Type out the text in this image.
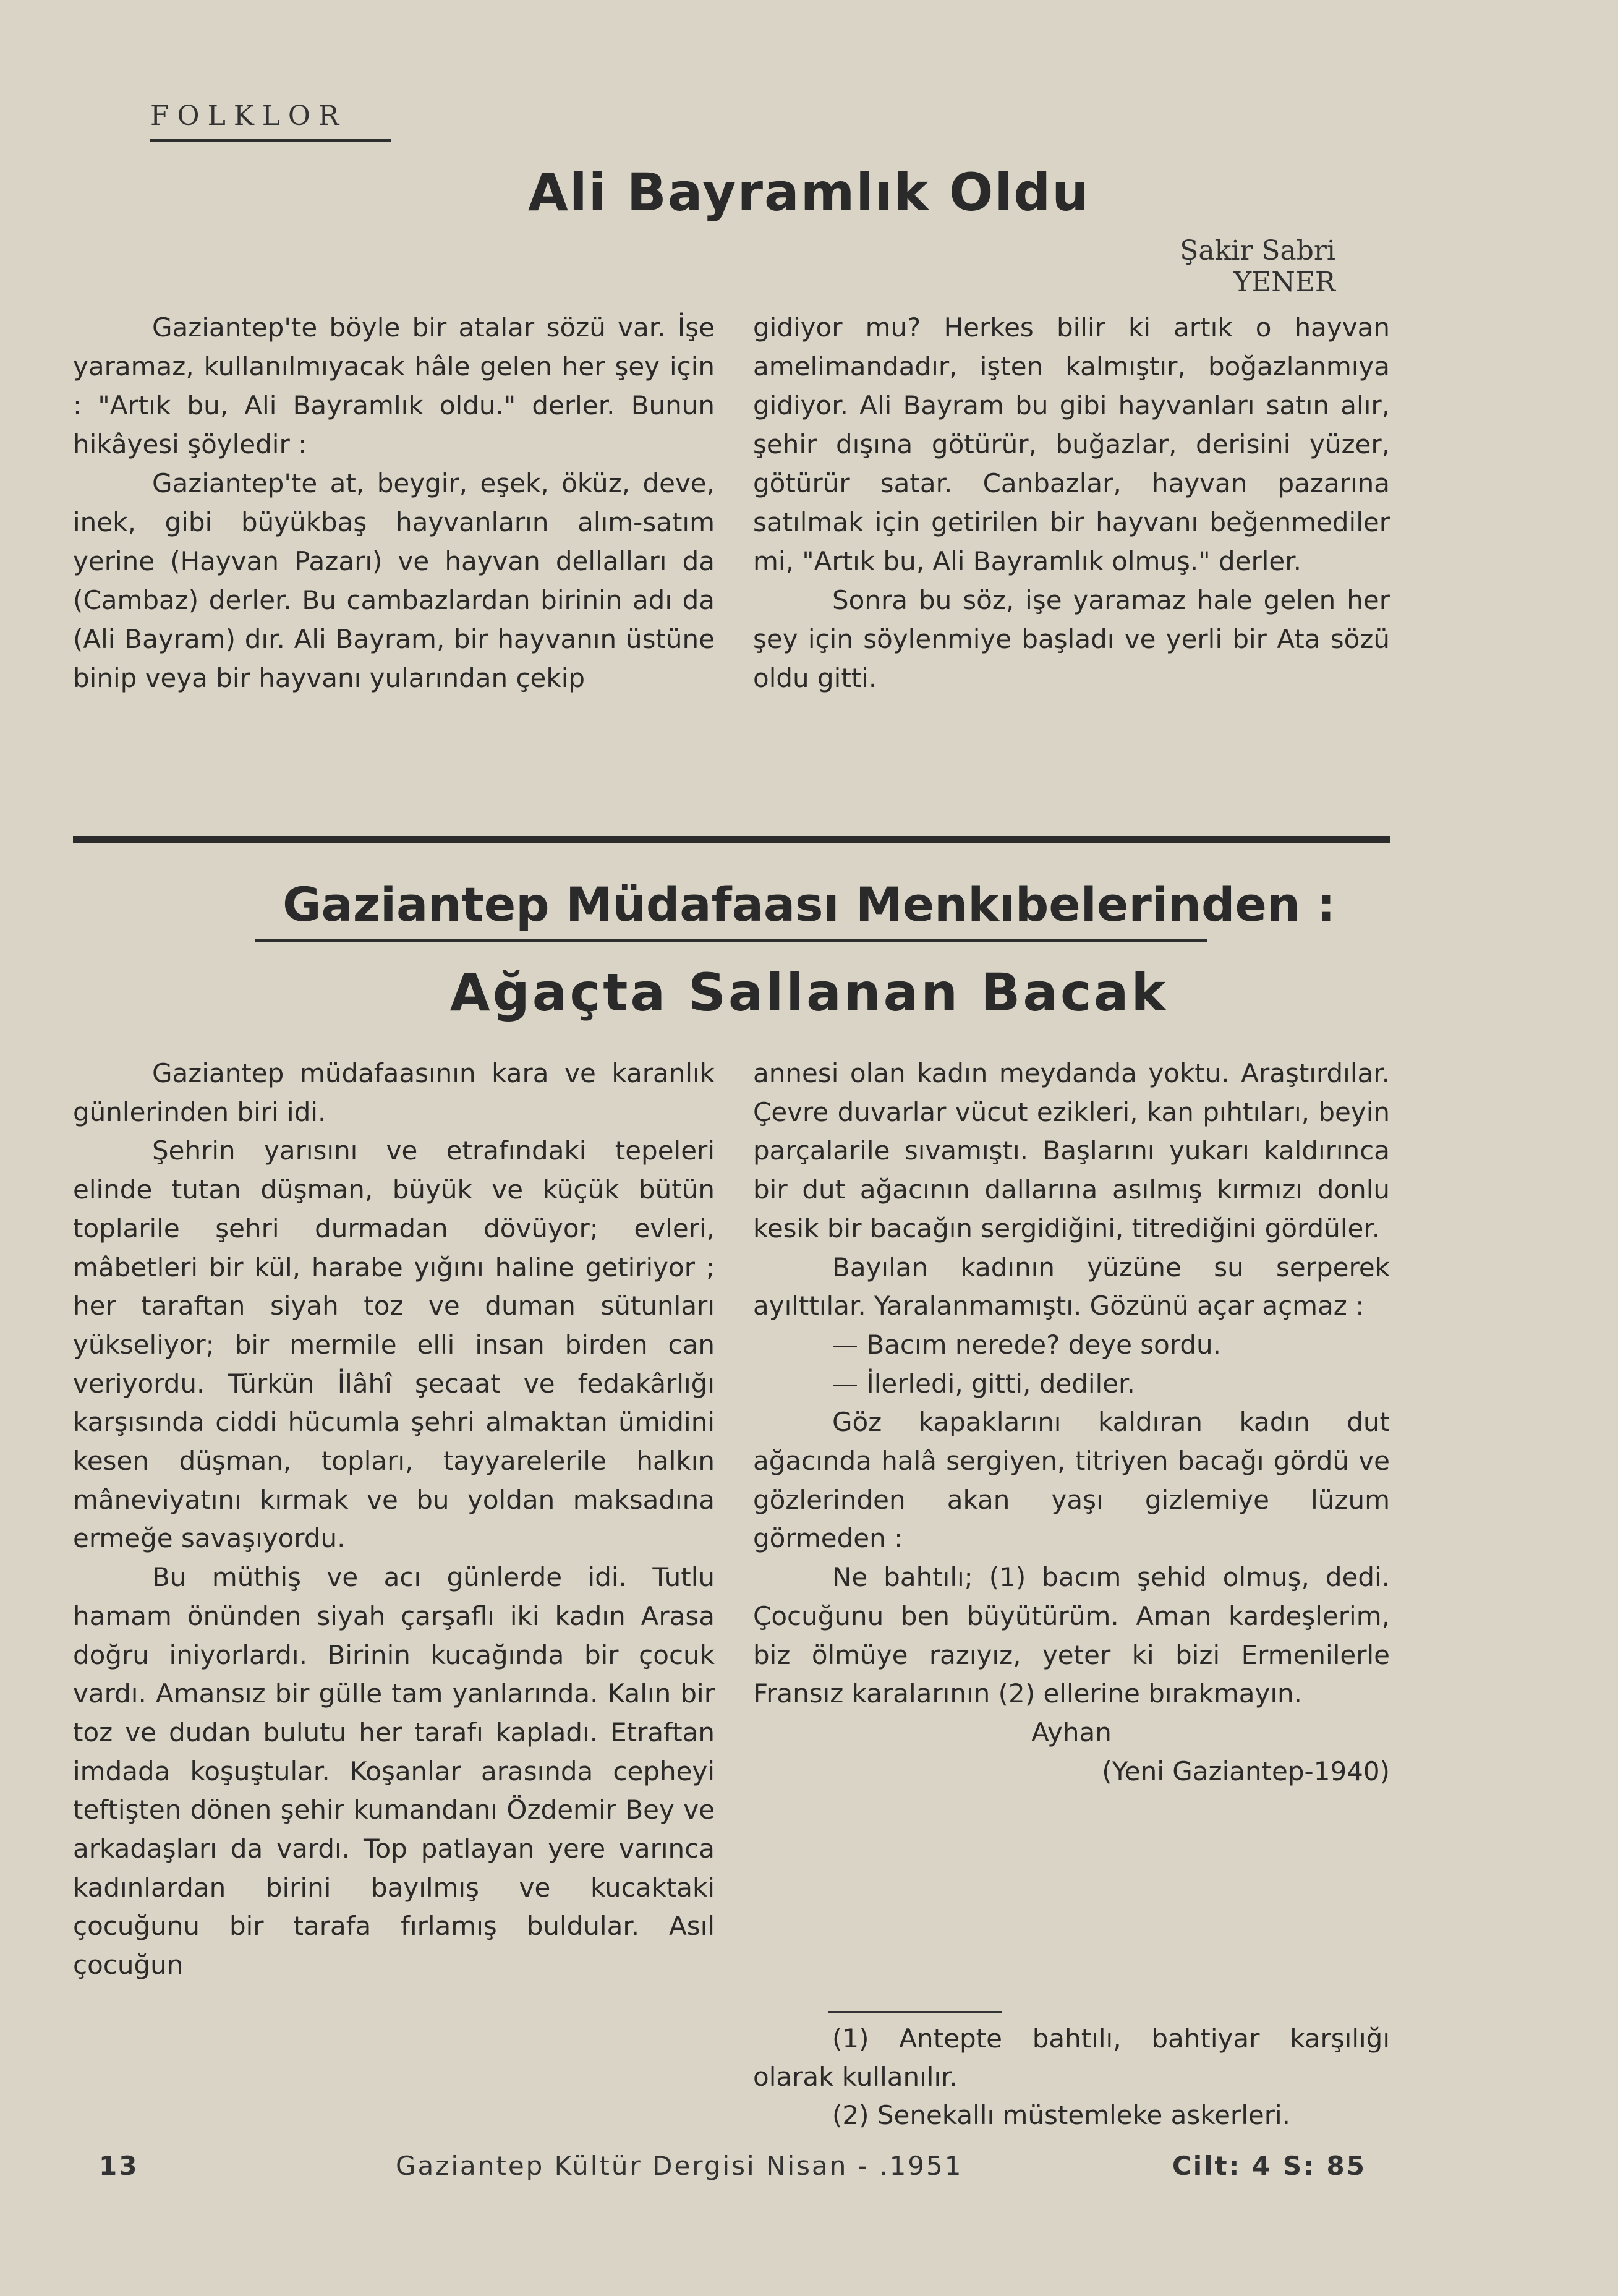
FOLKLOR
Ali Bayramlık Oldu
Şakir Sabri YENER

Gaziantep'te böyle bir atalar sözü var. İşe yaramaz, kullanılmıyacak hâle gelen her şey için : "Artık bu, Ali Bayramlık oldu." derler. Bunun hikâyesi şöyledir :

Gaziantep'te at, beygir, eşek, öküz, deve, inek, gibi büyükbaş hayvanların alım-satım yerine (Hayvan Pazarı) ve hayvan dellalları da (Cambaz) derler. Bu cambazlardan birinin adı da (Ali Bayram) dır. Ali Bayram, bir hayvanın üstüne binip veya bir hayvanı yularından çekip

gidiyor mu? Herkes bilir ki artık o hayvan amelimandadır, işten kalmıştır, boğazlanmıya gidiyor. Ali Bayram bu gibi hayvanları satın alır, şehir dışına götürür, buğazlar, derisini yüzer, götürür satar. Canbazlar, hayvan pazarına satılmak için getirilen bir hayvanı beğenmediler mi, "Artık bu, Ali Bayramlık olmuş." derler.

Sonra bu söz, işe yaramaz hale gelen her şey için söylenmiye başladı ve yerli bir Ata sözü oldu gitti.

Gaziantep Müdafaası Menkıbelerinden :
Ağaçta Sallanan Bacak

Gaziantep müdafaasının kara ve karanlık günlerinden biri idi.

Şehrin yarısını ve etrafındaki tepeleri elinde tutan düşman, büyük ve küçük bütün toplarile şehri durmadan dövüyor; evleri, mâbetleri bir kül, harabe yığını haline getiriyor ; her taraftan siyah toz ve duman sütunları yükseliyor; bir mermile elli insan birden can veriyordu. Türkün İlâhî şecaat ve fedakârlığı karşısında ciddi hücumla şehri almaktan ümidini kesen düşman, topları, tayyarelerile halkın mâneviyatını kırmak ve bu yoldan maksadına ermeğe savaşıyordu.

Bu müthiş ve acı günlerde idi. Tutlu hamam önünden siyah çarşaflı iki kadın Arasa doğru iniyorlardı. Birinin kucağında bir çocuk vardı. Amansız bir gülle tam yanlarında. Kalın bir toz ve dudan bulutu her tarafı kapladı. Etraftan imdada koşuştular. Koşanlar arasında cepheyi teftişten dönen şehir kumandanı Özdemir Bey ve arkadaşları da vardı. Top patlayan yere varınca kadınlardan birini bayılmış ve kucaktaki çocuğunu bir tarafa fırlamış buldular. Asıl çocuğun

annesi olan kadın meydanda yoktu. Araştırdılar. Çevre duvarlar vücut ezikleri, kan pıhtıları, beyin parçalarile sıvamıştı. Başlarını yukarı kaldırınca bir dut ağacının dallarına asılmış kırmızı donlu kesik bir bacağın sergidiğini, titrediğini gördüler.

Bayılan kadının yüzüne su serperek ayılttılar. Yaralanmamıştı. Gözünü açar açmaz :

— Bacım nerede? deye sordu.

— İlerledi, gitti, dediler.

Göz kapaklarını kaldıran kadın dut ağacında halâ sergiyen, titriyen bacağı gördü ve gözlerinden akan yaşı gizlemiye lüzum görmeden :

Ne bahtılı; (1) bacım şehid olmuş, dedi. Çocuğunu ben büyütürüm. Aman kardeşlerim, biz ölmüye razıyız, yeter ki bizi Ermenilerle Fransız karalarının (2) ellerine bırakmayın.

Ayhan

(Yeni Gaziantep-1940)

(1) Antepte bahtılı, bahtiyar karşılığı olarak kullanılır.

(2) Senekallı müstemleke askerleri.

13	Gaziantep Kültür Dergisi Nisan - .1951	Cilt: 4 S: 85
